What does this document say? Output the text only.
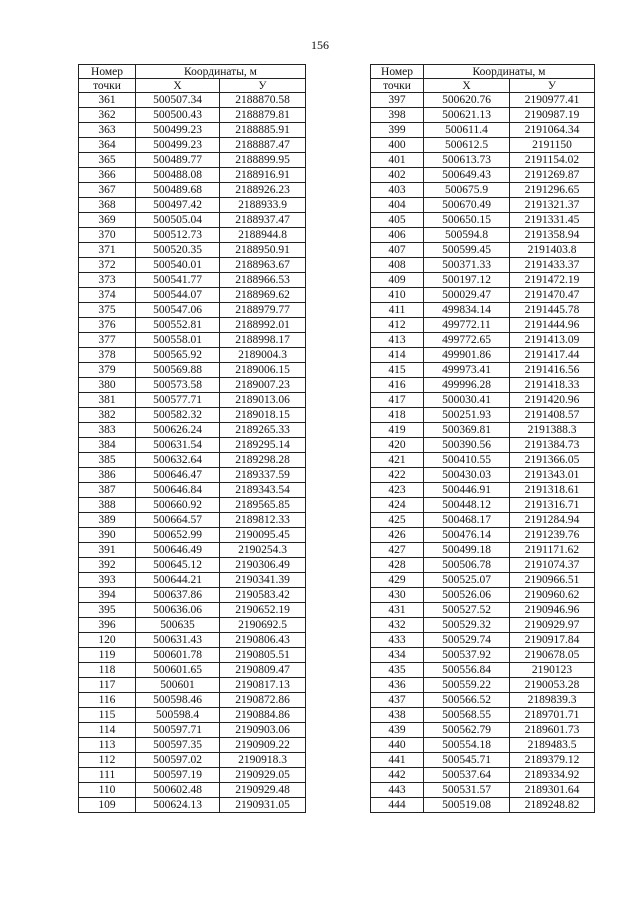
156
Номер	Координаты, м	
точки	X	У
361	500507.34	2188870.58
362	500500.43	2188879.81
363	500499.23	2188885.91
364	500499.23	2188887.47
365	500489.77	2188899.95
366	500488.08	2188916.91
367	500489.68	2188926.23
368	500497.42	2188933.9
369	500505.04	2188937.47
370	500512.73	2188944.8
371	500520.35	2188950.91
372	500540.01	2188963.67
373	500541.77	2188966.53
374	500544.07	2188969.62
375	500547.06	2188979.77
376	500552.81	2188992.01
377	500558.01	2188998.17
378	500565.92	2189004.3
379	500569.88	2189006.15
380	500573.58	2189007.23
381	500577.71	2189013.06
382	500582.32	2189018.15
383	500626.24	2189265.33
384	500631.54	2189295.14
385	500632.64	2189298.28
386	500646.47	2189337.59
387	500646.84	2189343.54
388	500660.92	2189565.85
389	500664.57	2189812.33
390	500652.99	2190095.45
391	500646.49	2190254.3
392	500645.12	2190306.49
393	500644.21	2190341.39
394	500637.86	2190583.42
395	500636.06	2190652.19
396	500635	2190692.5
120	500631.43	2190806.43
119	500601.78	2190805.51
118	500601.65	2190809.47
117	500601	2190817.13
116	500598.46	2190872.86
115	500598.4	2190884.86
114	500597.71	2190903.06
113	500597.35	2190909.22
112	500597.02	2190918.3
111	500597.19	2190929.05
110	500602.48	2190929.48
109	500624.13	2190931.05
Номер	Координаты, м	
точки	X	У
397	500620.76	2190977.41
398	500621.13	2190987.19
399	500611.4	2191064.34
400	500612.5	2191150
401	500613.73	2191154.02
402	500649.43	2191269.87
403	500675.9	2191296.65
404	500670.49	2191321.37
405	500650.15	2191331.45
406	500594.8	2191358.94
407	500599.45	2191403.8
408	500371.33	2191433.37
409	500197.12	2191472.19
410	500029.47	2191470.47
411	499834.14	2191445.78
412	499772.11	2191444.96
413	499772.65	2191413.09
414	499901.86	2191417.44
415	499973.41	2191416.56
416	499996.28	2191418.33
417	500030.41	2191420.96
418	500251.93	2191408.57
419	500369.81	2191388.3
420	500390.56	2191384.73
421	500410.55	2191366.05
422	500430.03	2191343.01
423	500446.91	2191318.61
424	500448.12	2191316.71
425	500468.17	2191284.94
426	500476.14	2191239.76
427	500499.18	2191171.62
428	500506.78	2191074.37
429	500525.07	2190966.51
430	500526.06	2190960.62
431	500527.52	2190946.96
432	500529.32	2190929.97
433	500529.74	2190917.84
434	500537.92	2190678.05
435	500556.84	2190123
436	500559.22	2190053.28
437	500566.52	2189839.3
438	500568.55	2189701.71
439	500562.79	2189601.73
440	500554.18	2189483.5
441	500545.71	2189379.12
442	500537.64	2189334.92
443	500531.57	2189301.64
444	500519.08	2189248.82
